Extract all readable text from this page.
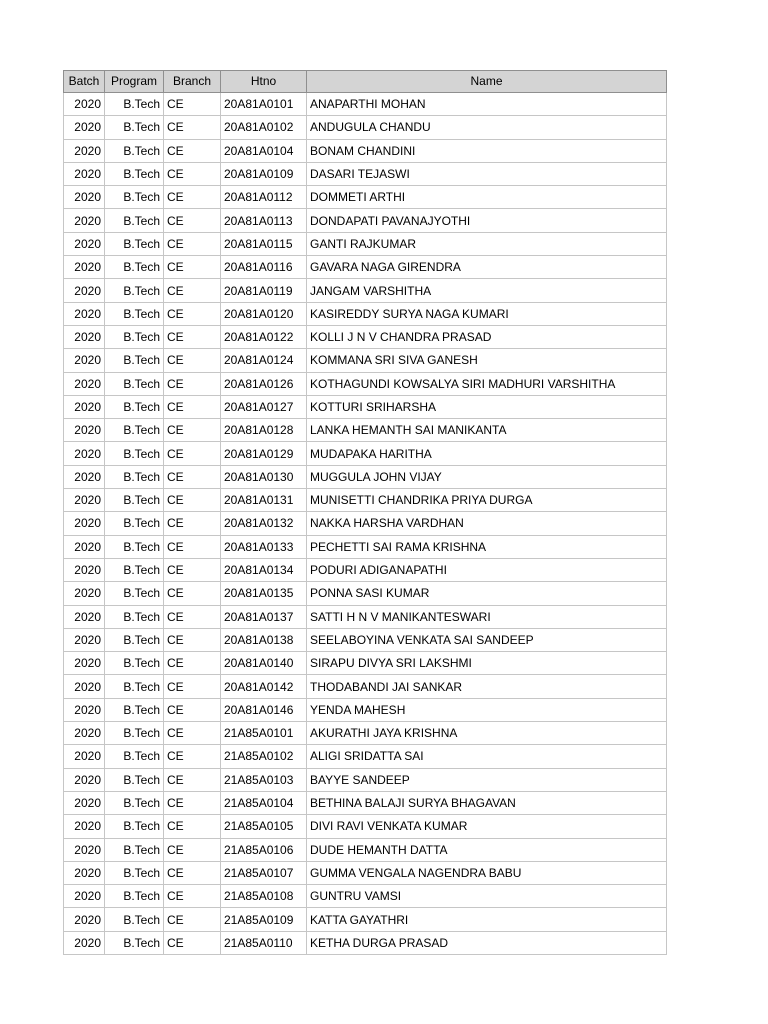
Batch	Program	Branch	Htno	Name
2020	B.Tech	CE	20A81A0101	ANAPARTHI MOHAN
2020	B.Tech	CE	20A81A0102	ANDUGULA CHANDU
2020	B.Tech	CE	20A81A0104	BONAM CHANDINI
2020	B.Tech	CE	20A81A0109	DASARI TEJASWI
2020	B.Tech	CE	20A81A0112	DOMMETI ARTHI
2020	B.Tech	CE	20A81A0113	DONDAPATI PAVANAJYOTHI
2020	B.Tech	CE	20A81A0115	GANTI RAJKUMAR
2020	B.Tech	CE	20A81A0116	GAVARA NAGA GIRENDRA
2020	B.Tech	CE	20A81A0119	JANGAM VARSHITHA
2020	B.Tech	CE	20A81A0120	KASIREDDY SURYA NAGA KUMARI
2020	B.Tech	CE	20A81A0122	KOLLI J N V CHANDRA PRASAD
2020	B.Tech	CE	20A81A0124	KOMMANA SRI SIVA GANESH
2020	B.Tech	CE	20A81A0126	KOTHAGUNDI KOWSALYA SIRI MADHURI VARSHITHA
2020	B.Tech	CE	20A81A0127	KOTTURI SRIHARSHA
2020	B.Tech	CE	20A81A0128	LANKA HEMANTH SAI MANIKANTA
2020	B.Tech	CE	20A81A0129	MUDAPAKA HARITHA
2020	B.Tech	CE	20A81A0130	MUGGULA JOHN VIJAY
2020	B.Tech	CE	20A81A0131	MUNISETTI CHANDRIKA PRIYA DURGA
2020	B.Tech	CE	20A81A0132	NAKKA HARSHA VARDHAN
2020	B.Tech	CE	20A81A0133	PECHETTI SAI RAMA KRISHNA
2020	B.Tech	CE	20A81A0134	PODURI ADIGANAPATHI
2020	B.Tech	CE	20A81A0135	PONNA SASI KUMAR
2020	B.Tech	CE	20A81A0137	SATTI H N V MANIKANTESWARI
2020	B.Tech	CE	20A81A0138	SEELABOYINA VENKATA SAI SANDEEP
2020	B.Tech	CE	20A81A0140	SIRAPU DIVYA SRI LAKSHMI
2020	B.Tech	CE	20A81A0142	THODABANDI JAI SANKAR
2020	B.Tech	CE	20A81A0146	YENDA MAHESH
2020	B.Tech	CE	21A85A0101	AKURATHI JAYA KRISHNA
2020	B.Tech	CE	21A85A0102	ALIGI SRIDATTA SAI
2020	B.Tech	CE	21A85A0103	BAYYE SANDEEP
2020	B.Tech	CE	21A85A0104	BETHINA BALAJI SURYA BHAGAVAN
2020	B.Tech	CE	21A85A0105	DIVI RAVI VENKATA KUMAR
2020	B.Tech	CE	21A85A0106	DUDE HEMANTH DATTA
2020	B.Tech	CE	21A85A0107	GUMMA VENGALA NAGENDRA BABU
2020	B.Tech	CE	21A85A0108	GUNTRU VAMSI
2020	B.Tech	CE	21A85A0109	KATTA GAYATHRI
2020	B.Tech	CE	21A85A0110	KETHA DURGA PRASAD
